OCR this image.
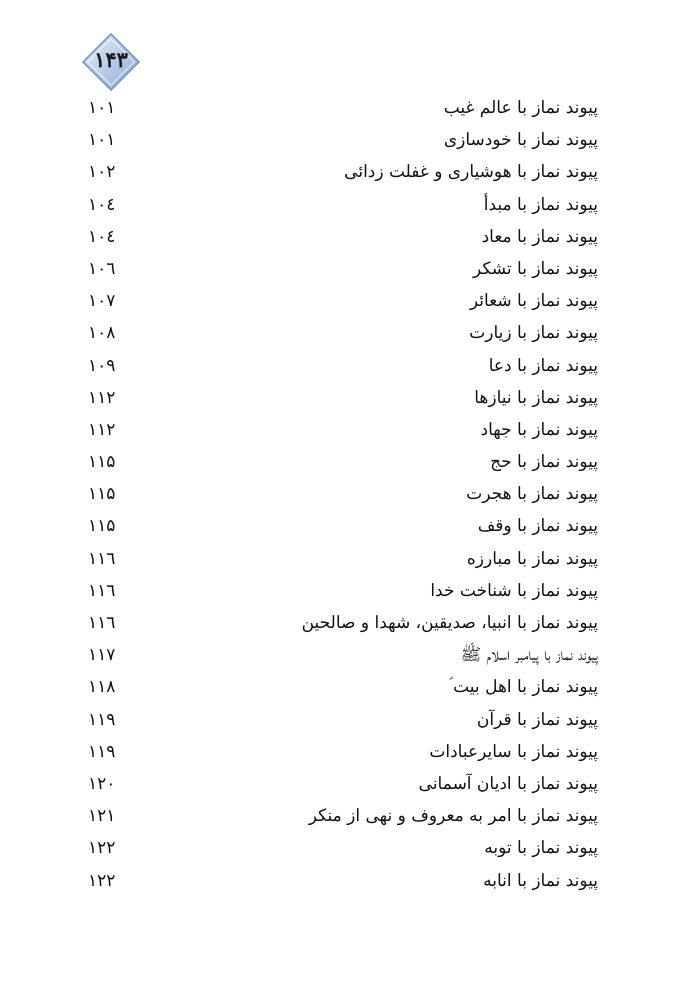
۱۴۳
پیوند نماز با عالم غیب
۱۰۱
پیوند نماز با خودسازی
۱۰۱
پیوند نماز با هوشیاری و غفلت زدائی
۱۰۲
پیوند نماز با مبدأ
۱۰٤
پیوند نماز با معاد
۱۰٤
پیوند نماز با تشکر
۱۰٦
پیوند نماز با شعائر
۱۰۷
پیوند نماز با زیارت
۱۰۸
پیوند نماز با دعا
۱۰۹
پیوند نماز با نیازها
۱۱۲
پیوند نماز با جهاد
۱۱۲
پیوند نماز با حج
۱۱۵
پیوند نماز با هجرت
۱۱۵
پیوند نماز با وقف
۱۱۵
پیوند نماز با مبارزه
۱۱٦
پیوند نماز با شناخت خدا
۱۱٦
پیوند نماز با انبیا، صدیقین، شهدا و صالحین
۱۱٦
پیوند نماز با پیامبر اسلام ﷺ
۱۱۷
پیوند نماز با اهل بیت ؑ
۱۱۸
پیوند نماز با قرآن
۱۱۹
پیوند نماز با سایرعبادات
۱۱۹
پیوند نماز با ادیان آسمانی
۱۲۰
پیوند نماز با امر به معروف و نهی از منکر
۱۲۱
پیوند نماز با توبه
۱۲۲
پیوند نماز با انابه
۱۲۲
